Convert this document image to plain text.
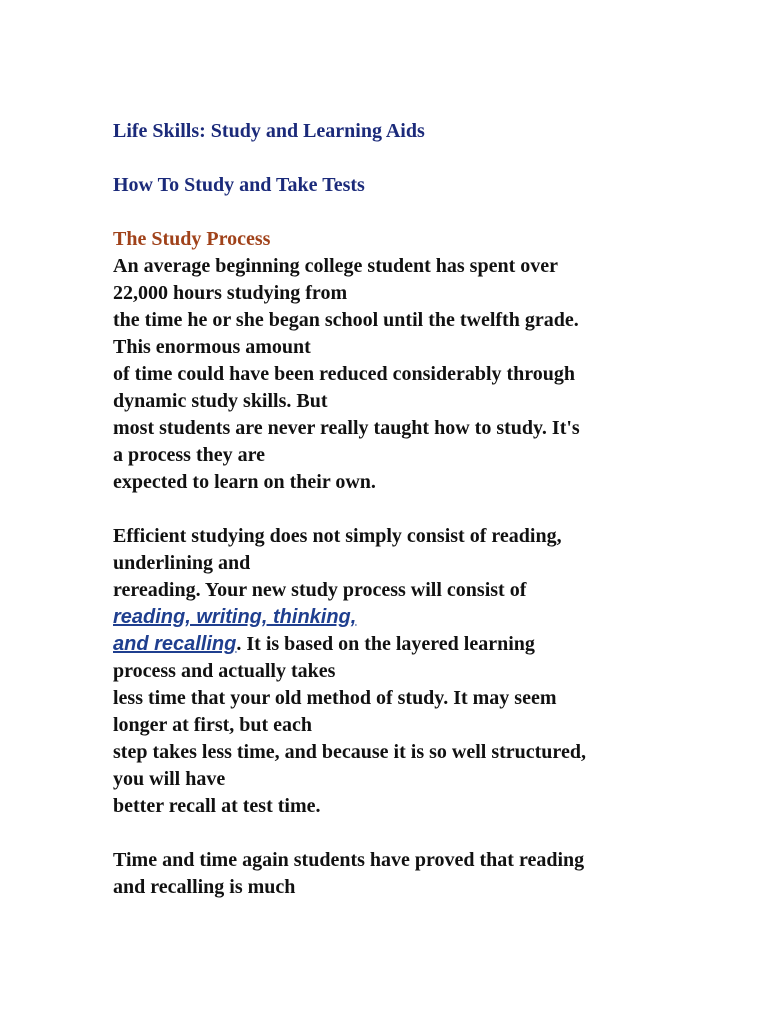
Life Skills: Study and Learning Aids
How To Study and Take Tests
The Study Process
An average beginning college student has spent over
22,000 hours studying from
the time he or she began school until the twelfth grade.
This enormous amount
of time could have been reduced considerably through
dynamic study skills. But
most students are never really taught how to study. It's
a process they are
expected to learn on their own.
Efficient studying does not simply consist of reading,
underlining and
rereading. Your new study process will consist of
reading, writing, thinking,
and recalling. It is based on the layered learning
process and actually takes
less time that your old method of study. It may seem
longer at first, but each
step takes less time, and because it is so well structured,
you will have
better recall at test time.
Time and time again students have proved that reading
and recalling is much
